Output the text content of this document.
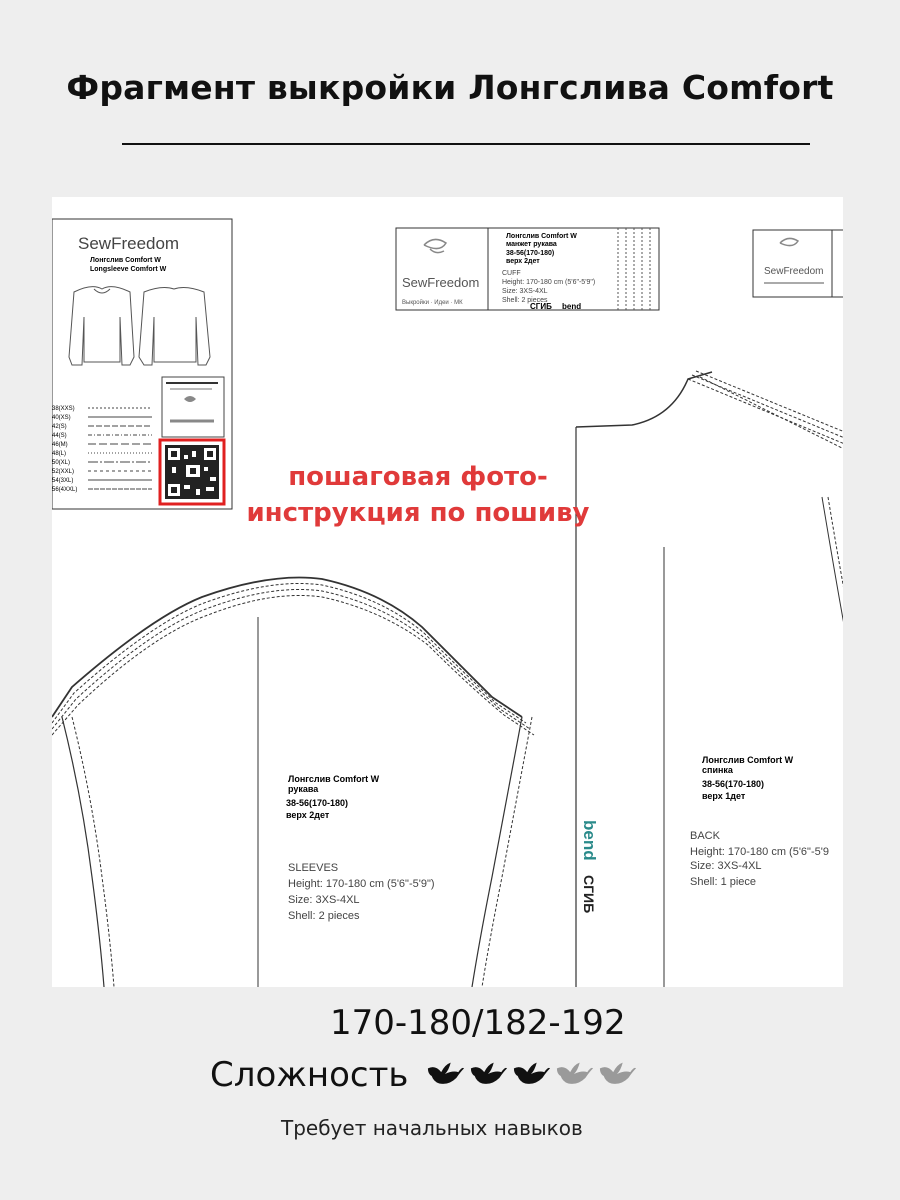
Фрагмент выкройки Лонгслива Comfort
SewFreedom
Лонгслив Comfort W
Longsleeve Comfort W
38(XXS)
40(XS)
42(S)
44(S)
46(M)
48(L)
50(XL)
52(XXL)
54(3XL)
56(4XXL)
SewFreedom
Выкройки · Идеи · МК
Лонгслив Comfort W
манжет рукава
38-56(170-180)
верх 2дет
CUFF
Height: 170-180 cm (5'6"-5'9")
Size: 3XS-4XL
Shell: 2 pieces
СГИБ bend
SewFreedom
Лонгслив Comfort W
рукава
38-56(170-180)
верх 2дет
SLEEVES
Height: 170-180 cm (5'6"-5'9")
Size: 3XS-4XL
Shell: 2 pieces
Лонгслив Comfort W
спинка
38-56(170-180)
верх 1дет
BACK
Height: 170-180 cm (5'6"-5'9
Size: 3XS-4XL
Shell: 1 piece
bend
СГИБ
пошаговая фото-
инструкция по пошиву
170-180/182-192
Сложность
Требует начальных навыков
